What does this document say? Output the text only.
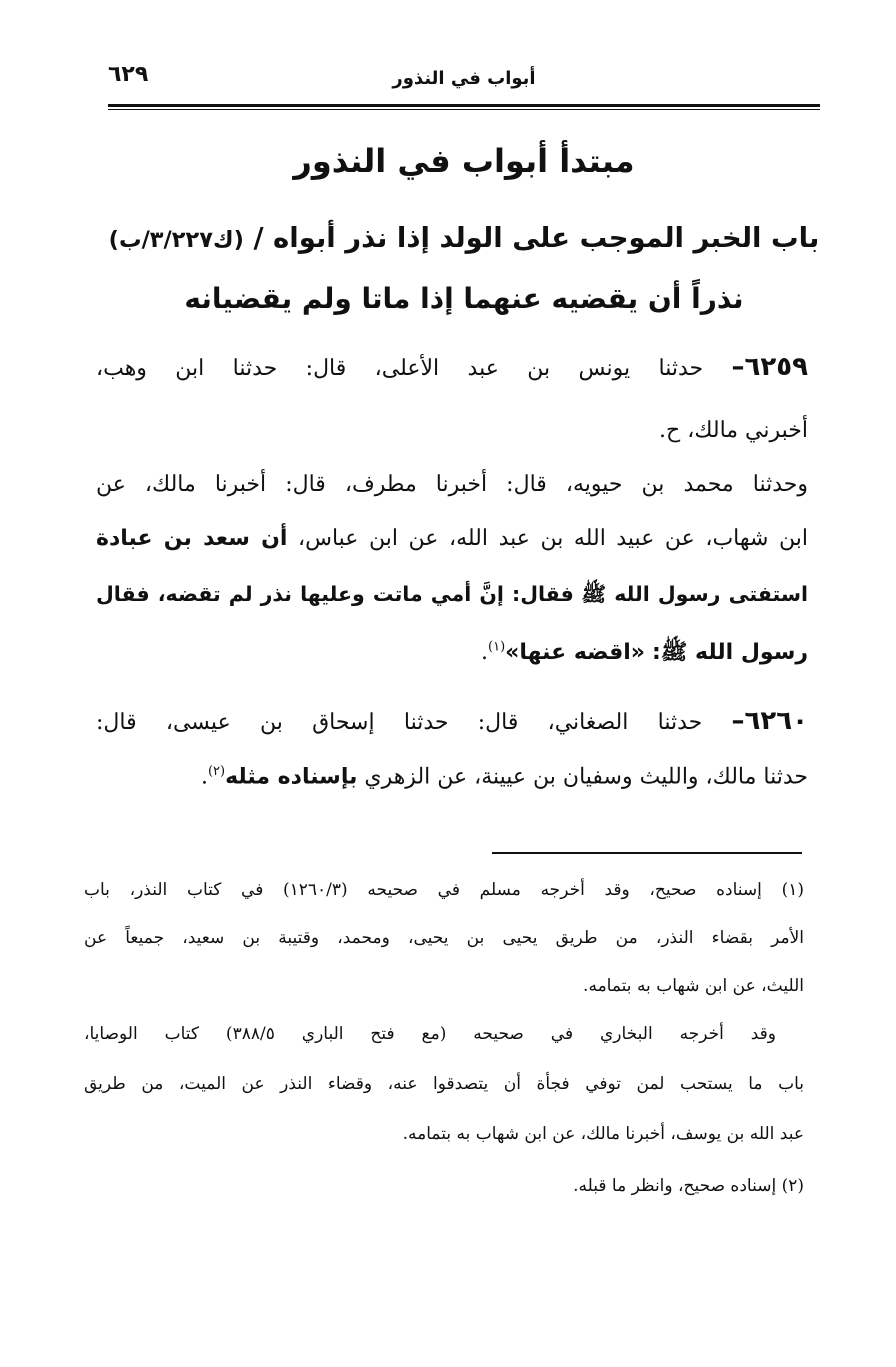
أبواب في النذور
٦٢٩
مبتدأ أبواب في النذور
باب الخبر الموجب على الولد إذا نذر أبواه / (ك٣/٢٢٧/ب)
نذراً أن يقضيه عنهما إذا ماتا ولم يقضيانه
٦٢٥٩– حدثنا يونس بن عبد الأعلى، قال: حدثنا ابن وهب،
أخبرني مالك، ح.
وحدثنا محمد بن حيويه، قال: أخبرنا مطرف، قال: أخبرنا مالك، عن
ابن شهاب، عن عبيد الله بن عبد الله، عن ابن عباس، أن سعد بن عبادة
استفتى رسول الله ﷺ فقال: إنَّ أمي ماتت وعليها نذر لم تقضه، فقال
رسول الله ﷺ: «اقضه عنها»$^{(١)}$.
٦٢٦٠– حدثنا الصغاني، قال: حدثنا إسحاق بن عيسى، قال:
حدثنا مالك، والليث وسفيان بن عيينة، عن الزهري بإسناده مثله$^{(٢)}$.
(١) إسناده صحيح، وقد أخرجه مسلم في صحيحه (١٢٦٠/٣) في كتاب النذر، باب
الأمر بقضاء النذر، من طريق يحيى بن يحيى، ومحمد، وقتيبة بن سعيد، جميعاً عن
الليث، عن ابن شهاب به بتمامه.
وقد أخرجه البخاري في صحيحه (مع فتح الباري ٣٨٨/٥) كتاب الوصايا،
باب ما يستحب لمن توفي فجأة أن يتصدقوا عنه، وقضاء النذر عن الميت، من طريق
عبد الله بن يوسف، أخبرنا مالك، عن ابن شهاب به بتمامه.
(٢) إسناده صحيح، وانظر ما قبله.
